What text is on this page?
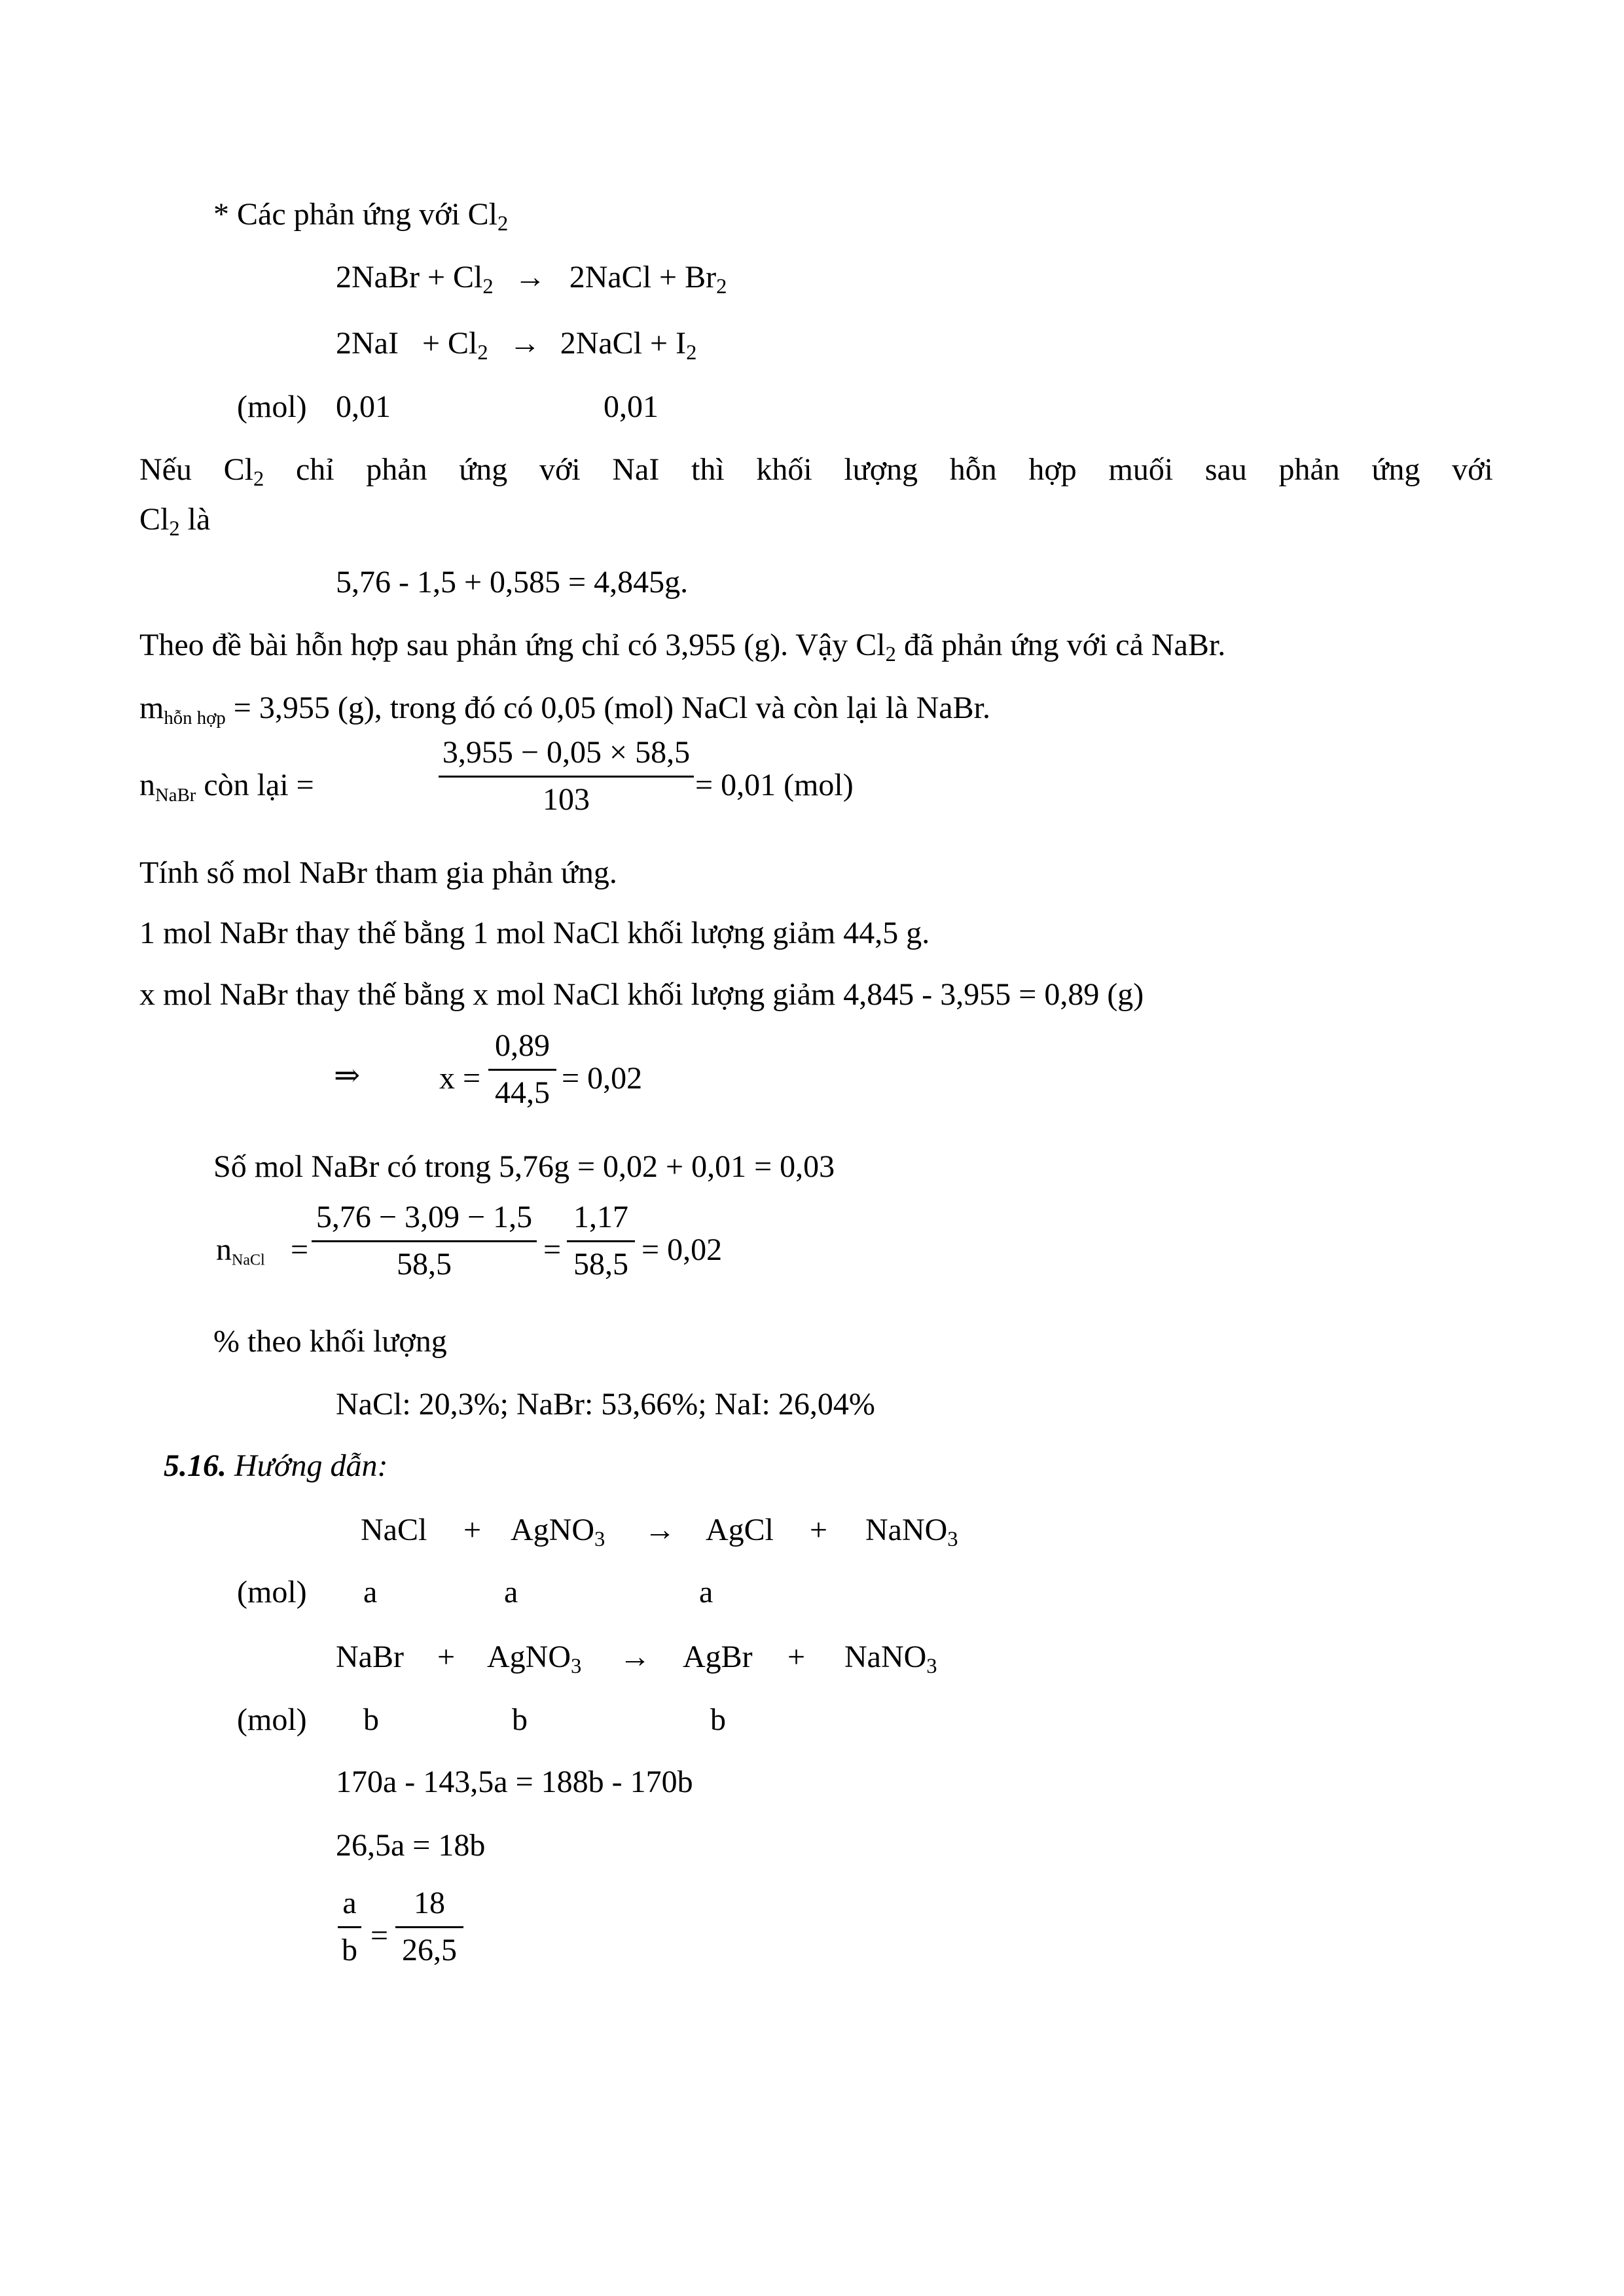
* Các phản ứng với $Cl_2$
2NaBr + $Cl_2$ → 2NaCl + $Br_2$
$2NaI + Cl_2$ → 2NaCl + $I_2$
(mol) 0,01	0,01
Nếu $Cl_2$ chỉ phản ứng với NaI thì khối lượng hỗn hợp muối sau phản ứng với
$Cl_2$ là
5,76 - 1,5 + 0,585 = 4,845g.
Theo đề bài hỗn hợp sau phản ứng chỉ có 3,955 (g). Vậy $Cl_2$ đã phản ứng với cả NaBr.
mhỗn hợp = 3,955 (g), trong đó có 0,05 (mol) NaCl và còn lại là NaBr.
nNaBr còn lại =
3,955 − 0,05 × 58,5
103	= 0,01 (mol)
Tính số mol NaBr tham gia phản ứng.
1 mol NaBr thay thế bằng 1 mol NaCl khối lượng giảm 44,5 g.
x mol NaBr thay thế bằng x mol NaCl khối lượng giảm 4,845 - 3,955 = 0,89 (g)
⇒	x =
0,89
44,5 = 0,02
Số mol NaBr có trong 5,76g = 0,02 + 0,01 = 0,03
nNaCl =
5,76 − 3,09 − 1,5
58,5	=
1,17
58,5 = 0,02
% theo khối lượng
NaCl: 20,3%; NaBr: 53,66%; NaI: 26,04%
5.16. Hướng dẫn:
NaCl + AgNO$_3$ → AgCl + NaNO$_3$
(mol) a	a	a
NaBr + AgNO$_3$ → AgBr + NaNO$_3$
(mol) b	b	b
170a - 143,5a = 188b - 170b
26,5a = 18b
a
b =
18
26,5
